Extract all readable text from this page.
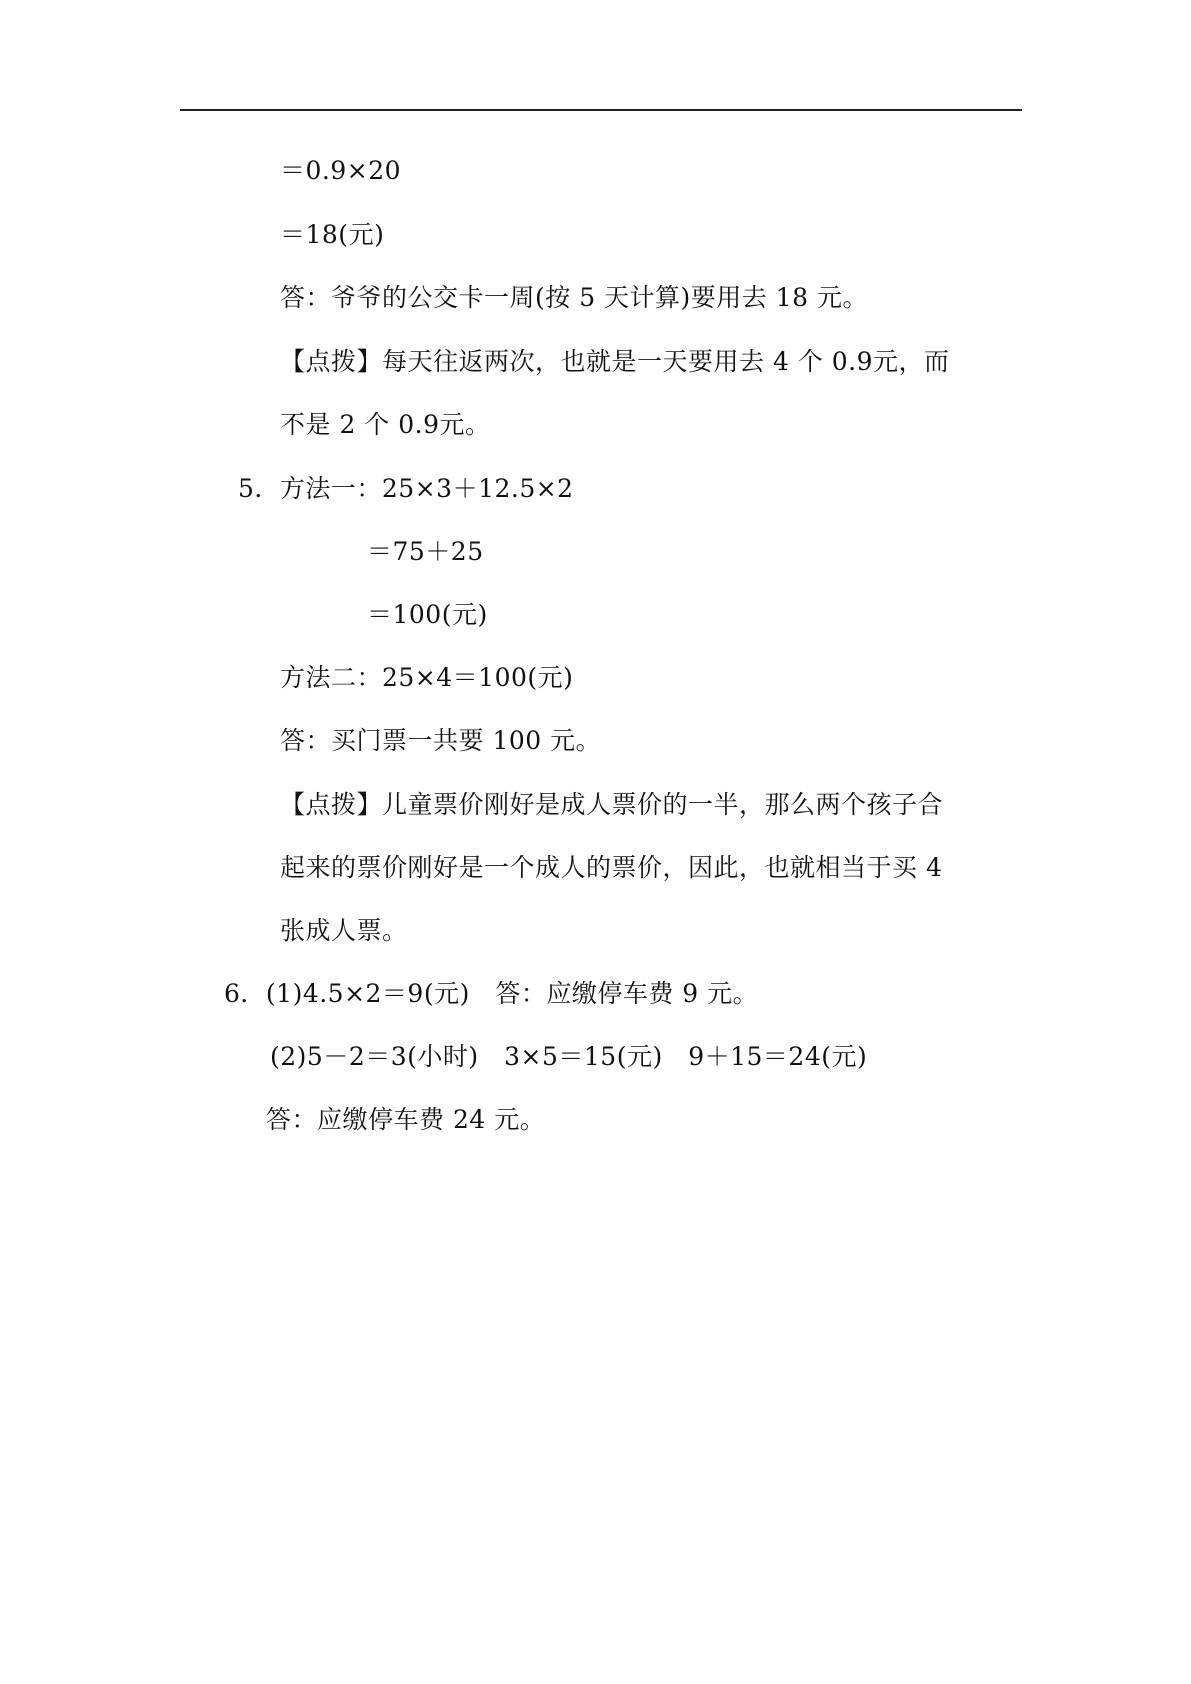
＝0.9×20
＝18(元)
答：爷爷的公交卡一周(按 5 天计算)要用去 18 元。
【点拨】每天往返两次，也就是一天要用去 4 个 0.9元，而
不是 2 个 0.9元。
5．方法一：25×3＋12.5×2
＝75＋25
＝100(元)
方法二：25×4＝100(元)
答：买门票一共要 100 元。
【点拨】儿童票价刚好是成人票价的一半，那么两个孩子合
起来的票价刚好是一个成人的票价，因此，也就相当于买 4
张成人票。
6．(1)4.5×2＝9(元)　答：应缴停车费 9 元。
(2)5－2＝3(小时)　3×5＝15(元)　9＋15＝24(元)
答：应缴停车费 24 元。
